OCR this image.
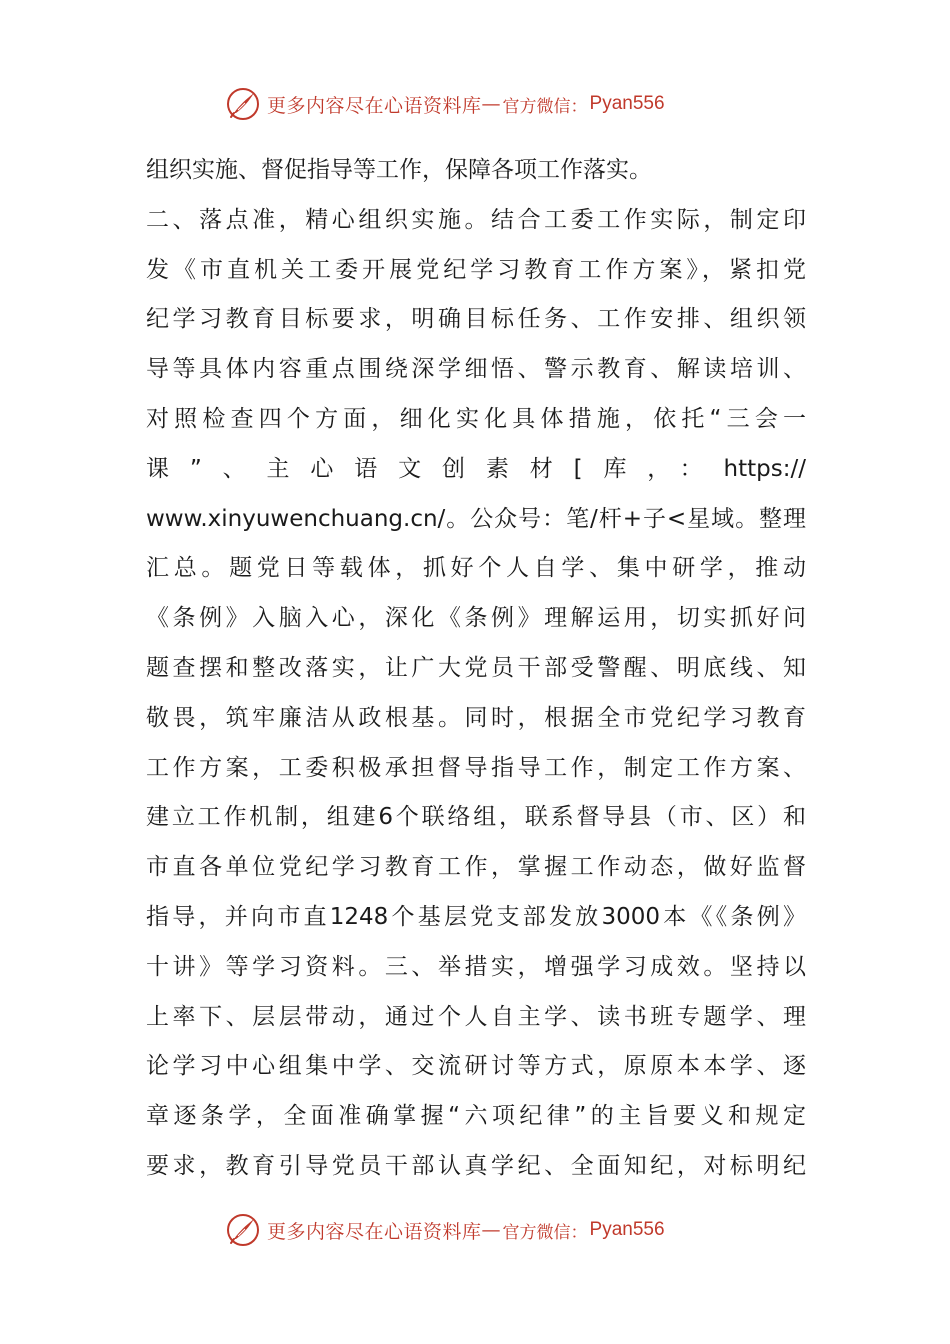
更多内容尽在心语资料库 — 官方微信： Pyan556
组织实施、督促指导等工作，保障各项工作落实。
二、落点准，精心组织实施。结合工委工作实际，制定印
发《市直机关工委开展党纪学习教育工作方案》，紧扣党
纪学习教育目标要求，明确目标任务、工作安排、组织领
导等具体内容重点围绕深学细悟、警示教育、解读培训、
对照检查四个方面，细化实化具体措施，依托“三会一
课”、主心语文创素材[库，：https://
www.xinyuwenchuang.cn/。公众号：笔/杆+子<星域。整理
汇总。题党日等载体，抓好个人自学、集中研学，推动
《条例》入脑入心，深化《条例》理解运用，切实抓好问
题查摆和整改落实，让广大党员干部受警醒、明底线、知
敬畏，筑牢廉洁从政根基。同时，根据全市党纪学习教育
工作方案，工委积极承担督导指导工作，制定工作方案、
建立工作机制，组建6个联络组，联系督导县（市、区）和
市直各单位党纪学习教育工作，掌握工作动态，做好监督
指导，并向市直1248个基层党支部发放3000本《《条例》
十讲》等学习资料。三、举措实，增强学习成效。坚持以
上率下、层层带动，通过个人自主学、读书班专题学、理
论学习中心组集中学、交流研讨等方式，原原本本学、逐
章逐条学，全面准确掌握“六项纪律”的主旨要义和规定
要求，教育引导党员干部认真学纪、全面知纪，对标明纪
更多内容尽在心语资料库 — 官方微信： Pyan556
